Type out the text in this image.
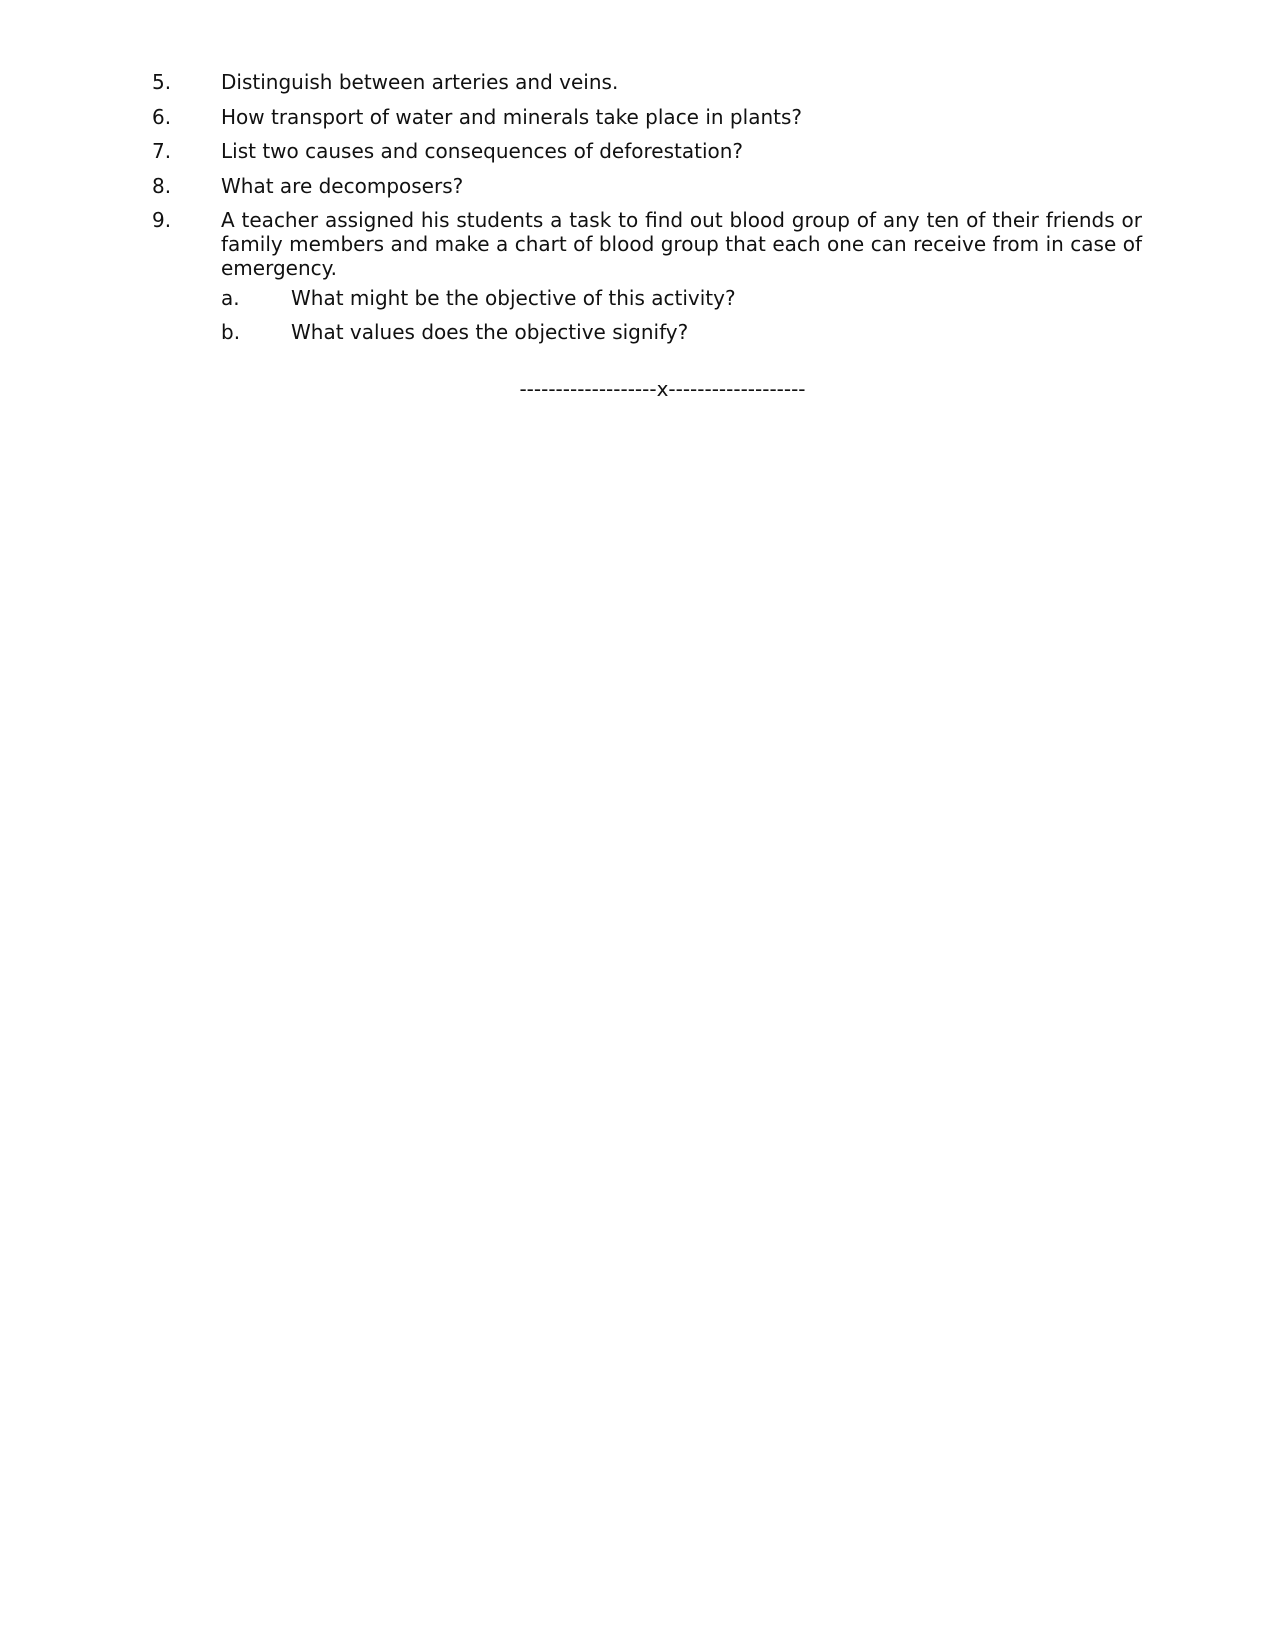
5.	Distinguish between arteries and veins.
6.	How transport of water and minerals take place in plants?
7.	List two causes and consequences of deforestation?
8.	What are decomposers?
9.	A teacher assigned his students a task to find out blood group of any ten of their friends or family members and make a chart of blood group that each one can receive from in case of emergency.
a.	What might be the objective of this activity?
b.	What values does the objective signify?
-------------------x-------------------
